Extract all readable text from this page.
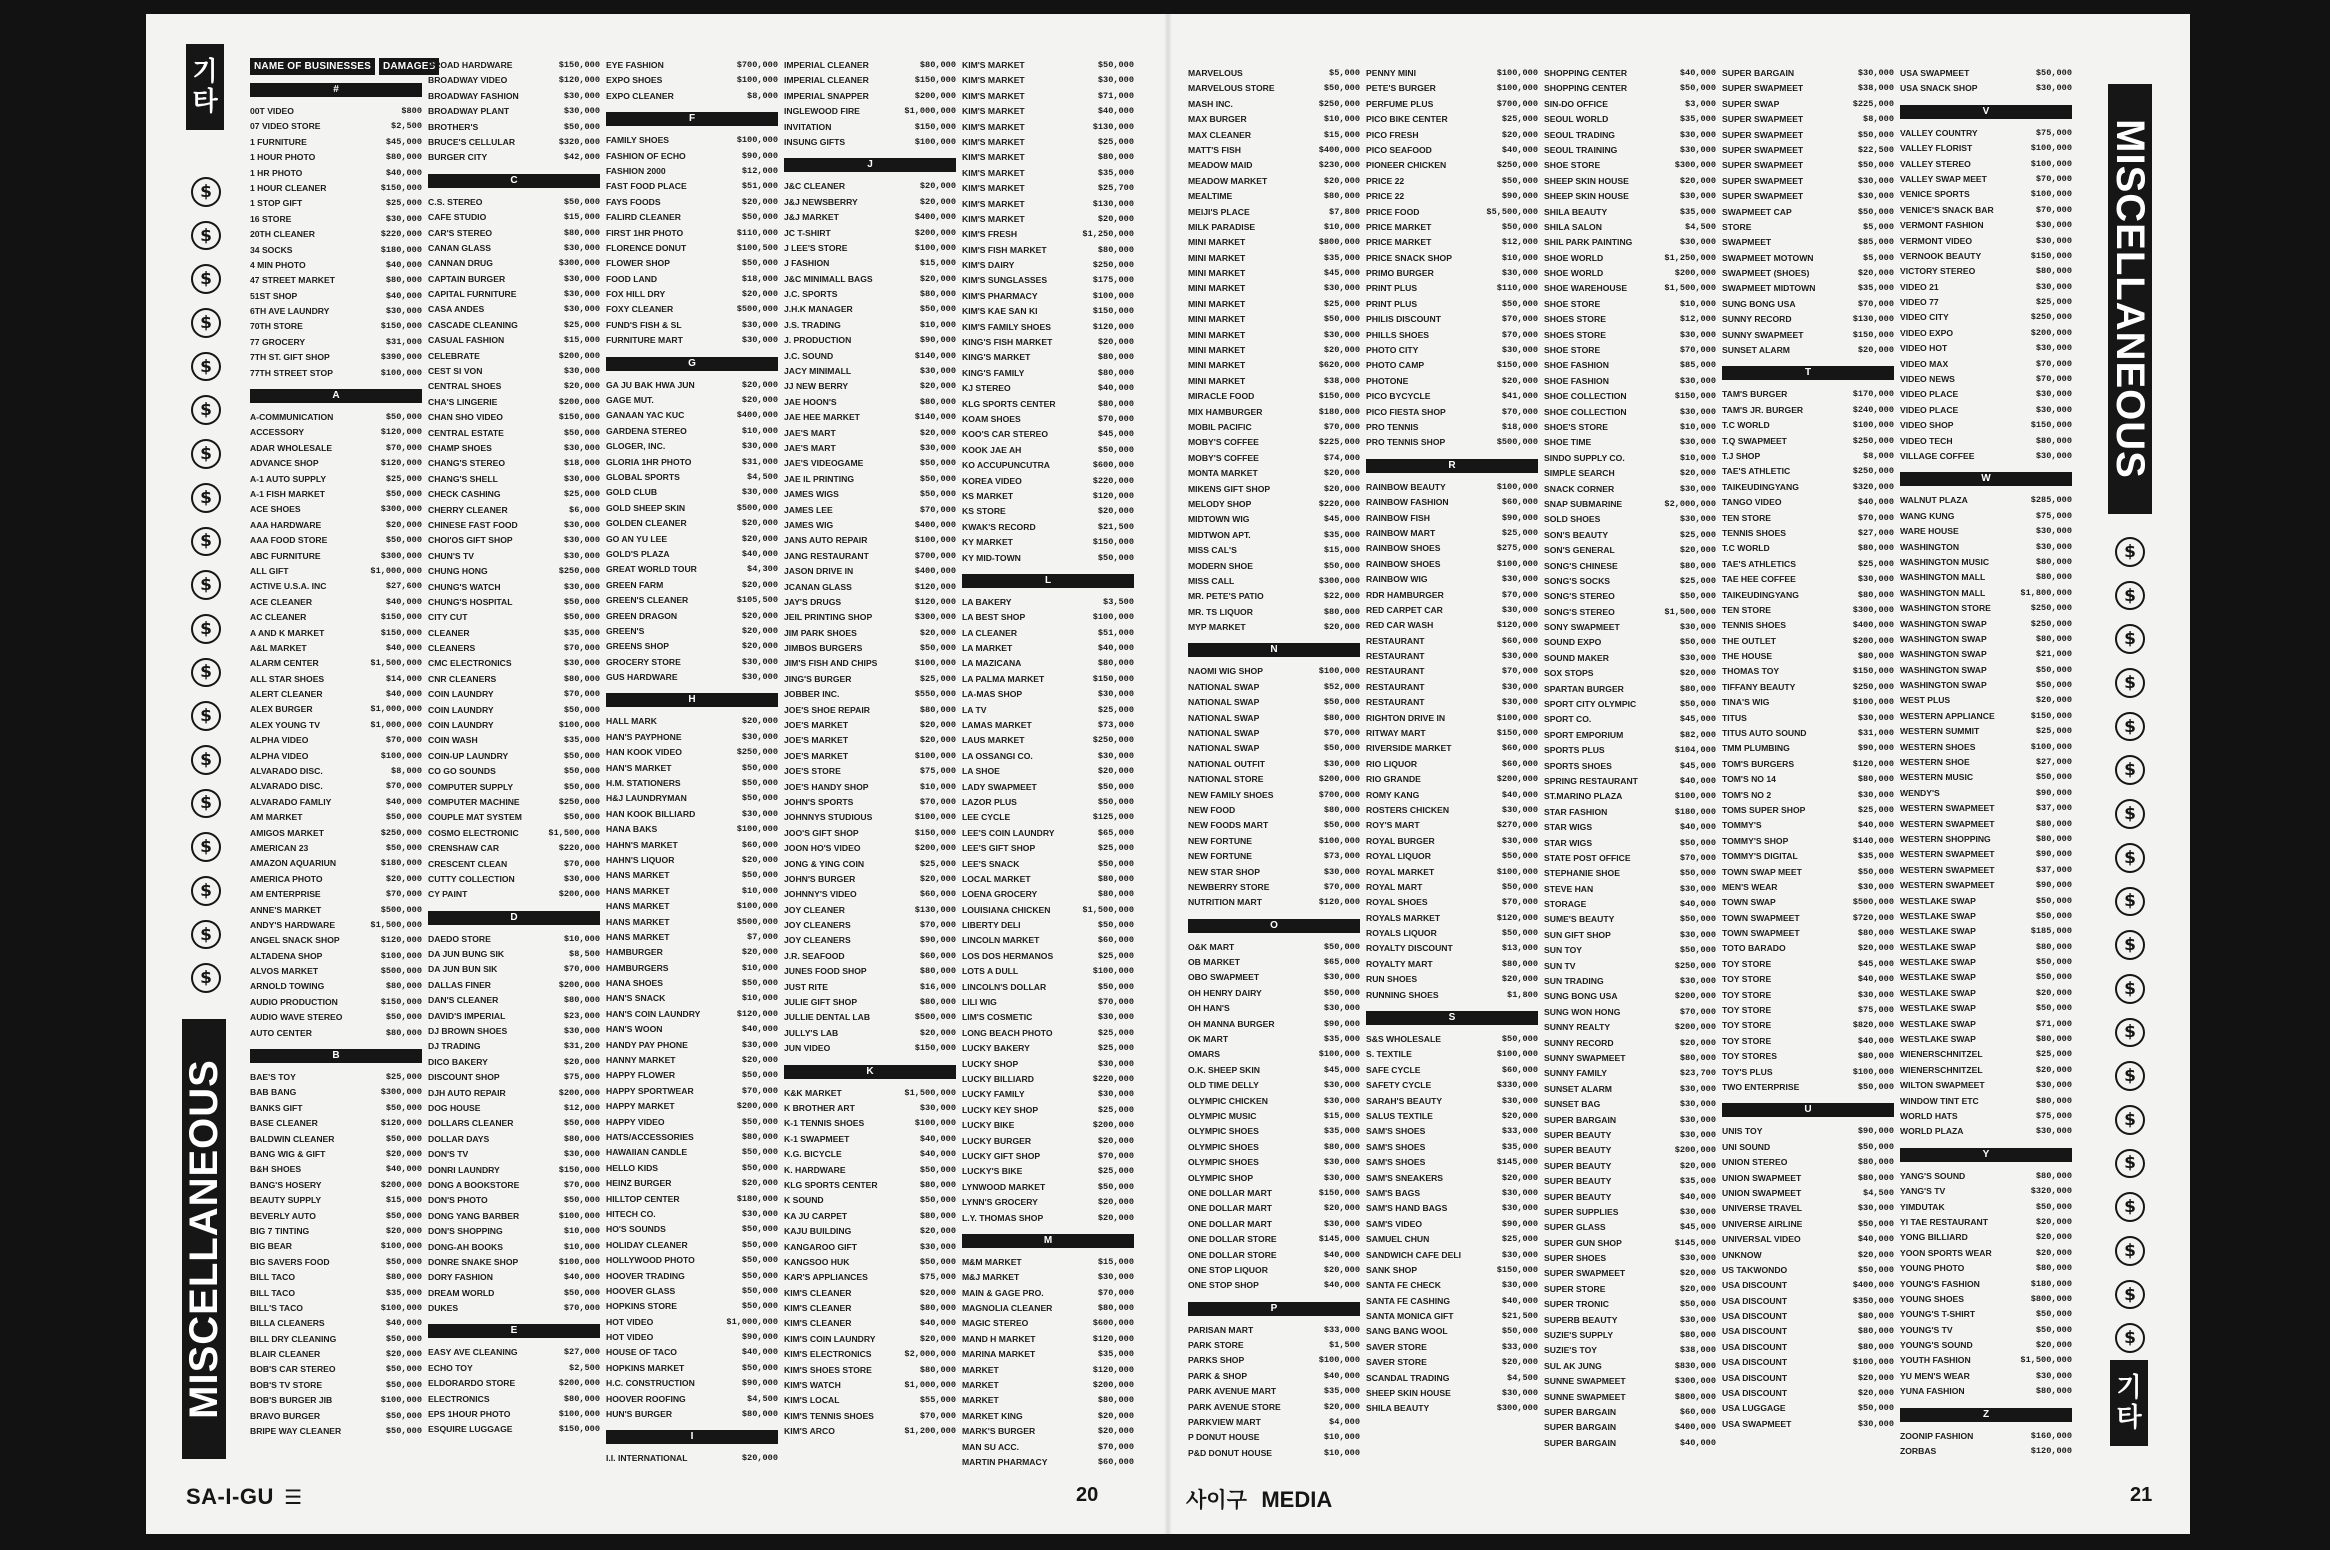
기타
$
$
$
$
$
$
$
$
$
$
$
$
$
$
$
$
$
$
$
MISCELLANEOUS
NAME OF BUSINESSES	DAMAGES
#
00T VIDEO	$800
07 VIDEO STORE	$2,500
1 FURNITURE	$45,000
1 HOUR PHOTO	$80,000
1 HR PHOTO	$40,000
1 HOUR CLEANER	$150,000
1 STOP GIFT	$25,000
16 STORE	$30,000
20TH CLEANER	$220,000
34 SOCKS	$180,000
4 MIN PHOTO	$40,000
47 STREET MARKET	$80,000
51ST SHOP	$40,000
6TH AVE LAUNDRY	$30,000
70TH STORE	$150,000
77 GROCERY	$31,000
7TH ST. GIFT SHOP	$390,000
77TH STREET STOP	$100,000
A
A-COMMUNICATION	$50,000
ACCESSORY	$120,000
ADAR WHOLESALE	$70,000
ADVANCE SHOP	$120,000
A-1 AUTO SUPPLY	$25,000
A-1 FISH MARKET	$50,000
ACE SHOES	$300,000
AAA HARDWARE	$20,000
AAA FOOD STORE	$50,000
ABC FURNITURE	$300,000
ALL GIFT	$1,000,000
ACTIVE U.S.A. INC	$27,600
ACE CLEANER	$40,000
AC CLEANER	$150,000
A AND K MARKET	$150,000
A&L MARKET	$40,000
ALARM CENTER	$1,500,000
ALL STAR SHOES	$14,000
ALERT CLEANER	$40,000
ALEX BURGER	$1,000,000
ALEX YOUNG TV	$1,000,000
ALPHA VIDEO	$70,000
ALPHA VIDEO	$100,000
ALVARADO DISC.	$8,000
ALVARADO DISC.	$70,000
ALVARADO FAMLIY	$40,000
AM MARKET	$50,000
AMIGOS MARKET	$250,000
AMERICAN 23	$50,000
AMAZON AQUARIUN	$180,000
AMERICA PHOTO	$20,000
AM ENTERPRISE	$70,000
ANNE'S MARKET	$500,000
ANDY'S HARDWARE	$1,500,000
ANGEL SNACK SHOP	$120,000
ALTADENA SHOP	$100,000
ALVOS MARKET	$500,000
ARNOLD TOWING	$80,000
AUDIO PRODUCTION	$150,000
AUDIO WAVE STEREO	$50,000
AUTO CENTER	$80,000
B
BAE'S TOY	$25,000
BAB BANG	$300,000
BANKS GIFT	$50,000
BASE CLEANER	$120,000
BALDWIN CLEANER	$50,000
BANG WIG & GIFT	$20,000
B&H SHOES	$40,000
BANG'S HOSERY	$200,000
BEAUTY SUPPLY	$15,000
BEVERLY AUTO	$50,000
BIG 7 TINTING	$20,000
BIG BEAR	$100,000
BIG SAVERS FOOD	$50,000
BILL TACO	$80,000
BILL TACO	$35,000
BILL'S TACO	$100,000
BILLA CLEANERS	$40,000
BILL DRY CLEANING	$50,000
BLAIR CLEANER	$20,000
BOB'S CAR STEREO	$50,000
BOB'S TV STORE	$50,000
BOB'S BURGER JIB	$100,000
BRAVO BURGER	$50,000
BRIPE WAY CLEANER	$50,000
BROAD HARDWARE	$150,000
BROADWAY VIDEO	$120,000
BROADWAY FASHION	$30,000
BROADWAY PLANT	$30,000
BROTHER'S	$50,000
BRUCE'S CELLULAR	$320,000
BURGER CITY	$42,000
C
C.S. STEREO	$50,000
CAFE STUDIO	$15,000
CAR'S STEREO	$80,000
CANAN GLASS	$30,000
CANNAN DRUG	$300,000
CAPTAIN BURGER	$30,000
CAPITAL FURNITURE	$30,000
CASA ANDES	$30,000
CASCADE CLEANING	$25,000
CASUAL FASHION	$15,000
CELEBRATE	$200,000
CEST SI VON	$30,000
CENTRAL SHOES	$20,000
CHA'S LINGERIE	$200,000
CHAN SHO VIDEO	$150,000
CENTRAL ESTATE	$50,000
CHAMP SHOES	$30,000
CHANG'S STEREO	$18,000
CHANG'S SHELL	$30,000
CHECK CASHING	$25,000
CHERRY CLEANER	$6,000
CHINESE FAST FOOD	$30,000
CHOI'OS GIFT SHOP	$30,000
CHUN'S TV	$30,000
CHUNG HONG	$250,000
CHUNG'S WATCH	$30,000
CHUNG'S HOSPITAL	$50,000
CITY CUT	$50,000
CLEANER	$35,000
CLEANERS	$70,000
CMC ELECTRONICS	$30,000
CNR CLEANERS	$80,000
COIN LAUNDRY	$70,000
COIN LAUNDRY	$50,000
COIN LAUNDRY	$100,000
COIN WASH	$35,000
COIN-UP LAUNDRY	$50,000
CO GO SOUNDS	$50,000
COMPUTER SUPPLY	$50,000
COMPUTER MACHINE	$250,000
COUPLE MAT SYSTEM	$50,000
COSMO ELECTRONIC	$1,500,000
CRENSHAW CAR	$220,000
CRESCENT CLEAN	$70,000
CUTTY COLLECTION	$30,000
CY PAINT	$200,000
D
DAEDO STORE	$10,000
DA JUN BUNG SIK	$8,500
DA JUN BUN SIK	$70,000
DALLAS FINER	$200,000
DAN'S CLEANER	$80,000
DAVID'S IMPERIAL	$23,000
DJ BROWN SHOES	$30,000
DJ TRADING	$31,200
DICO BAKERY	$20,000
DISCOUNT SHOP	$75,000
DJH AUTO REPAIR	$200,000
DOG HOUSE	$12,000
DOLLARS CLEANER	$50,000
DOLLAR DAYS	$80,000
DON'S TV	$30,000
DONRI LAUNDRY	$150,000
DONG A BOOKSTORE	$70,000
DON'S PHOTO	$50,000
DONG YANG BARBER	$100,000
DON'S SHOPPING	$10,000
DONG-AH BOOKS	$10,000
DONRE SNAKE SHOP	$100,000
DORY FASHION	$40,000
DREAM WORLD	$50,000
DUKES	$70,000
E
EASY AVE CLEANING	$27,000
ECHO TOY	$2,500
ELDORARDO STORE	$200,000
ELECTRONICS	$80,000
EPS 1HOUR PHOTO	$100,000
ESQUIRE LUGGAGE	$150,000
EYE FASHION	$700,000
EXPO SHOES	$100,000
EXPO CLEANER	$8,000
F
FAMILY SHOES	$100,000
FASHION OF ECHO	$90,000
FASHION 2000	$12,000
FAST FOOD PLACE	$51,000
FAYS FOODS	$20,000
FALIRD CLEANER	$50,000
FIRST 1HR PHOTO	$110,000
FLORENCE DONUT	$100,500
FLOWER SHOP	$50,000
FOOD LAND	$18,000
FOX HILL DRY	$20,000
FOXY CLEANER	$500,000
FUND'S FISH & SL	$30,000
FURNITURE MART	$30,000
G
GA JU BAK HWA JUN	$20,000
GAGE MUT.	$20,000
GANAAN YAC KUC	$400,000
GARDENA STEREO	$10,000
GLOGER, INC.	$30,000
GLORIA 1HR PHOTO	$31,000
GLOBAL SPORTS	$4,500
GOLD CLUB	$30,000
GOLD SHEEP SKIN	$500,000
GOLDEN CLEANER	$20,000
GO AN YU LEE	$20,000
GOLD'S PLAZA	$40,000
GREAT WORLD TOUR	$4,300
GREEN FARM	$20,000
GREEN'S CLEANER	$105,500
GREEN DRAGON	$20,000
GREEN'S	$20,000
GREENS SHOP	$20,000
GROCERY STORE	$30,000
GUS HARDWARE	$30,000
H
HALL MARK	$20,000
HAN'S PAYPHONE	$30,000
HAN KOOK VIDEO	$250,000
HAN'S MARKET	$50,000
H.M. STATIONERS	$50,000
H&J LAUNDRYMAN	$50,000
HAN KOOK BILLIARD	$30,000
HANA BAKS	$100,000
HAHN'S MARKET	$60,000
HAHN'S LIQUOR	$20,000
HANS MARKET	$50,000
HANS MARKET	$10,000
HANS MARKET	$100,000
HANS MARKET	$500,000
HANS MARKET	$7,000
HAMBURGER	$20,000
HAMBURGERS	$10,000
HANA SHOES	$50,000
HAN'S SNACK	$10,000
HAN'S COIN LAUNDRY	$120,000
HAN'S WOON	$40,000
HANDY PAY PHONE	$30,000
HANNY MARKET	$20,000
HAPPY FLOWER	$50,000
HAPPY SPORTWEAR	$70,000
HAPPY MARKET	$200,000
HAPPY VIDEO	$50,000
HATS/ACCESSORIES	$80,000
HAWAIIAN CANDLE	$50,000
HELLO KIDS	$50,000
HEINZ BURGER	$20,000
HILLTOP CENTER	$180,000
HITECH CO.	$30,000
HO'S SOUNDS	$50,000
HOLIDAY CLEANER	$50,000
HOLLYWOOD PHOTO	$50,000
HOOVER TRADING	$50,000
HOOVER GLASS	$50,000
HOPKINS STORE	$50,000
HOT VIDEO	$1,000,000
HOT VIDEO	$90,000
HOUSE OF TACO	$40,000
HOPKINS MARKET	$50,000
H.C. CONSTRUCTION	$90,000
HOOVER ROOFING	$4,500
HUN'S BURGER	$80,000
I
I.I. INTERNATIONAL	$20,000
IMPERIAL CLEANER	$80,000
IMPERIAL CLEANER	$150,000
IMPERIAL SNAPPER	$200,000
INGLEWOOD FIRE	$1,000,000
INVITATION	$150,000
INSUNG GIFTS	$100,000
J
J&C CLEANER	$20,000
J&J NEWSBERRY	$20,000
J&J MARKET	$400,000
JC T-SHIRT	$200,000
J LEE'S STORE	$100,000
J FASHION	$15,000
J&C MINIMALL BAGS	$20,000
J.C. SPORTS	$80,000
J.H.K MANAGER	$50,000
J.S. TRADING	$10,000
J. PRODUCTION	$90,000
J.C. SOUND	$140,000
JACY MINIMALL	$30,000
JJ NEW BERRY	$20,000
JAE HOON'S	$80,000
JAE HEE MARKET	$140,000
JAE'S MART	$20,000
JAE'S MART	$30,000
JAE'S VIDEOGAME	$50,000
JAE IL PRINTING	$50,000
JAMES WIGS	$50,000
JAMES LEE	$70,000
JAMES WIG	$400,000
JANS AUTO REPAIR	$100,000
JANG RESTAURANT	$700,000
JASON DRIVE IN	$400,000
JCANAN GLASS	$120,000
JAY'S DRUGS	$120,000
JEIL PRINTING SHOP	$300,000
JIM PARK SHOES	$20,000
JIMBOS BURGERS	$50,000
JIM'S FISH AND CHIPS	$100,000
JING'S BURGER	$25,000
JOBBER INC.	$550,000
JOE'S SHOE REPAIR	$80,000
JOE'S MARKET	$20,000
JOE'S MARKET	$20,000
JOE'S MARKET	$100,000
JOE'S STORE	$75,000
JOE'S HANDY SHOP	$10,000
JOHN'S SPORTS	$70,000
JOHNNYS STUDIOUS	$100,000
JOO'S GIFT SHOP	$150,000
JOON HO'S VIDEO	$200,000
JONG & YING COIN	$25,000
JOHN'S BURGER	$20,000
JOHNNY'S VIDEO	$60,000
JOY CLEANER	$130,000
JOY CLEANERS	$70,000
JOY CLEANERS	$90,000
J.R. SEAFOOD	$60,000
JUNES FOOD SHOP	$80,000
JUST RITE	$16,000
JULIE GIFT SHOP	$80,000
JULLIE DENTAL LAB	$500,000
JULLY'S LAB	$20,000
JUN VIDEO	$150,000
K
K&K MARKET	$1,500,000
K BROTHER ART	$30,000
K-1 TENNIS SHOES	$100,000
K-1 SWAPMEET	$40,000
K.G. BICYCLE	$40,000
K. HARDWARE	$50,000
KLG SPORTS CENTER	$80,000
K SOUND	$50,000
KA JU CARPET	$80,000
KAJU BUILDING	$20,000
KANGAROO GIFT	$30,000
KANGSOO HUK	$50,000
KAR'S APPLIANCES	$75,000
KIM'S CLEANER	$20,000
KIM'S CLEANER	$80,000
KIM'S CLEANER	$40,000
KIM'S COIN LAUNDRY	$20,000
KIM'S ELECTRONICS	$2,000,000
KIM'S SHOES STORE	$80,000
KIM'S WATCH	$1,000,000
KIM'S LOCAL	$55,000
KIM'S TENNIS SHOES	$70,000
KIM'S ARCO	$1,200,000
KIM'S MARKET	$50,000
KIM'S MARKET	$30,000
KIM'S MARKET	$71,000
KIM'S MARKET	$40,000
KIM'S MARKET	$130,000
KIM'S MARKET	$25,000
KIM'S MARKET	$80,000
KIM'S MARKET	$35,000
KIM'S MARKET	$25,700
KIM'S MARKET	$130,000
KIM'S MARKET	$20,000
KIM'S FRESH	$1,250,000
KIM'S FISH MARKET	$80,000
KIM'S DAIRY	$250,000
KIM'S SUNGLASSES	$175,000
KIM'S PHARMACY	$100,000
KIM'S KAE SAN KI	$150,000
KIM'S FAMILY SHOES	$120,000
KING'S FISH MARKET	$20,000
KING'S MARKET	$80,000
KING'S FAMILY	$80,000
KJ STEREO	$40,000
KLG SPORTS CENTER	$80,000
KOAM SHOES	$70,000
KOO'S CAR STEREO	$45,000
KOOK JAE AH	$50,000
KO ACCUPUNCUTRA	$600,000
KOREA VIDEO	$220,000
KS MARKET	$120,000
KS STORE	$20,000
KWAK'S RECORD	$21,500
KY MARKET	$150,000
KY MID-TOWN	$50,000
L
LA BAKERY	$3,500
LA BEST SHOP	$100,000
LA CLEANER	$51,000
LA MARKET	$40,000
LA MAZICANA	$80,000
LA PALMA MARKET	$150,000
LA-MAS SHOP	$30,000
LA TV	$25,000
LAMAS MARKET	$73,000
LAUS MARKET	$250,000
LA OSSANGI CO.	$30,000
LA SHOE	$20,000
LADY SWAPMEET	$50,000
LAZOR PLUS	$50,000
LEE CYCLE	$125,000
LEE'S COIN LAUNDRY	$65,000
LEE'S GIFT SHOP	$25,000
LEE'S SNACK	$50,000
LOCAL MARKET	$80,000
LOENA GROCERY	$80,000
LOUISIANA CHICKEN	$1,500,000
LIBERTY DELI	$50,000
LINCOLN MARKET	$60,000
LOS DOS HERMANOS	$25,000
LOTS A DULL	$100,000
LINCOLN'S DOLLAR	$50,000
LILI WIG	$70,000
LIM'S COSMETIC	$30,000
LONG BEACH PHOTO	$25,000
LUCKY BAKERY	$25,000
LUCKY SHOP	$30,000
LUCKY BILLIARD	$220,000
LUCKY FAMILY	$30,000
LUCKY KEY SHOP	$25,000
LUCKY BIKE	$200,000
LUCKY BURGER	$20,000
LUCKY GIFT SHOP	$70,000
LUCKY'S BIKE	$25,000
LYNWOOD MARKET	$50,000
LYNN'S GROCERY	$20,000
L.Y. THOMAS SHOP	$20,000
M
M&M MARKET	$15,000
M&J MARKET	$30,000
MAIN & GAGE PRO.	$70,000
MAGNOLIA CLEANER	$80,000
MAGIC STEREO	$600,000
MAND H MARKET	$120,000
MARINA MARKET	$35,000
MARKET	$120,000
MARKET	$200,000
MARKET	$80,000
MARKET KING	$20,000
MARK'S BURGER	$20,000
MAN SU ACC.	$70,000
MARTIN PHARMACY	$60,000
SA-I-GU ☰	20
MARVELOUS	$5,000
MARVELOUS STORE	$50,000
MASH INC.	$250,000
MAX BURGER	$10,000
MAX CLEANER	$15,000
MATT'S FISH	$400,000
MEADOW MAID	$230,000
MEADOW MARKET	$20,000
MEALTIME	$80,000
MEIJI'S PLACE	$7,800
MILK PARADISE	$10,000
MINI MARKET	$800,000
MINI MARKET	$35,000
MINI MARKET	$45,000
MINI MARKET	$30,000
MINI MARKET	$25,000
MINI MARKET	$50,000
MINI MARKET	$30,000
MINI MARKET	$20,000
MINI MARKET	$620,000
MINI MARKET	$38,000
MIRACLE FOOD	$150,000
MIX HAMBURGER	$180,000
MOBIL PACIFIC	$70,000
MOBY'S COFFEE	$225,000
MOBY'S COFFEE	$74,000
MONTA MARKET	$20,000
MIKENS GIFT SHOP	$20,000
MELODY SHOP	$220,000
MIDTOWN WIG	$45,000
MIDTWON APT.	$35,000
MISS CAL'S	$15,000
MODERN SHOE	$50,000
MISS CALL	$300,000
MR. PETE'S PATIO	$22,000
MR. TS LIQUOR	$80,000
MYP MARKET	$20,000
N
NAOMI WIG SHOP	$100,000
NATIONAL SWAP	$52,000
NATIONAL SWAP	$50,000
NATIONAL SWAP	$80,000
NATIONAL SWAP	$70,000
NATIONAL SWAP	$50,000
NATIONAL OUTFIT	$30,000
NATIONAL STORE	$200,000
NEW FAMILY SHOES	$700,000
NEW FOOD	$80,000
NEW FOODS MART	$50,000
NEW FORTUNE	$100,000
NEW FORTUNE	$73,000
NEW STAR SHOP	$30,000
NEWBERRY STORE	$70,000
NUTRITION MART	$120,000
O
O&K MART	$50,000
OB MARKET	$65,000
OBO SWAPMEET	$30,000
OH HENRY DAIRY	$50,000
OH HAN'S	$30,000
OH MANNA BURGER	$90,000
OK MART	$35,000
OMARS	$100,000
O.K. SHEEP SKIN	$45,000
OLD TIME DELLY	$30,000
OLYMPIC CHICKEN	$30,000
OLYMPIC MUSIC	$15,000
OLYMPIC SHOES	$35,000
OLYMPIC SHOES	$80,000
OLYMPIC SHOES	$30,000
OLYMPIC SHOP	$30,000
ONE DOLLAR MART	$150,000
ONE DOLLAR MART	$20,000
ONE DOLLAR MART	$30,000
ONE DOLLAR STORE	$145,000
ONE DOLLAR STORE	$40,000
ONE STOP LIQUOR	$20,000
ONE STOP SHOP	$40,000
P
PARISAN MART	$33,000
PARK STORE	$1,500
PARKS SHOP	$100,000
PARK & SHOP	$40,000
PARK AVENUE MART	$35,000
PARK AVENUE STORE	$20,000
PARKVIEW MART	$4,000
P DONUT HOUSE	$10,000
P&D DONUT HOUSE	$10,000
PENNY MINI	$100,000
PETE'S BURGER	$100,000
PERFUME PLUS	$700,000
PICO BIKE CENTER	$25,000
PICO FRESH	$20,000
PICO SEAFOOD	$40,000
PIONEER CHICKEN	$250,000
PRICE 22	$50,000
PRICE 22	$90,000
PRICE FOOD	$5,500,000
PRICE MARKET	$50,000
PRICE MARKET	$12,000
PRICE SNACK SHOP	$10,000
PRIMO BURGER	$30,000
PRINT PLUS	$110,000
PRINT PLUS	$50,000
PHILIS DISCOUNT	$70,000
PHILLS SHOES	$70,000
PHOTO CITY	$30,000
PHOTO CAMP	$150,000
PHOTONE	$20,000
PICO BYCYCLE	$41,000
PICO FIESTA SHOP	$70,000
PRO TENNIS	$18,000
PRO TENNIS SHOP	$500,000
R
RAINBOW BEAUTY	$100,000
RAINBOW FASHION	$60,000
RAINBOW FISH	$90,000
RAINBOW MART	$25,000
RAINBOW SHOES	$275,000
RAINBOW SHOES	$100,000
RAINBOW WIG	$30,000
RDR HAMBURGER	$70,000
RED CARPET CAR	$30,000
RED CAR WASH	$120,000
RESTAURANT	$60,000
RESTAURANT	$30,000
RESTAURANT	$70,000
RESTAURANT	$30,000
RESTAURANT	$30,000
RIGHTON DRIVE IN	$100,000
RITWAY MART	$150,000
RIVERSIDE MARKET	$60,000
RIO LIQUOR	$60,000
RIO GRANDE	$200,000
ROMY KANG	$40,000
ROSTERS CHICKEN	$30,000
ROY'S MART	$270,000
ROYAL BURGER	$30,000
ROYAL LIQUOR	$50,000
ROYAL MARKET	$100,000
ROYAL MART	$50,000
ROYAL SHOES	$70,000
ROYALS MARKET	$120,000
ROYALS LIQUOR	$50,000
ROYALTY DISCOUNT	$13,000
ROYALTY MART	$80,000
RUN SHOES	$20,000
RUNNING SHOES	$1,800
S
S&S WHOLESALE	$50,000
S. TEXTILE	$100,000
SAFE CYCLE	$60,000
SAFETY CYCLE	$330,000
SARAH'S BEAUTY	$30,000
SALUS TEXTILE	$20,000
SAM'S SHOES	$33,000
SAM'S SHOES	$35,000
SAM'S SHOES	$145,000
SAM'S SNEAKERS	$20,000
SAM'S BAGS	$30,000
SAM'S HAND BAGS	$30,000
SAM'S VIDEO	$90,000
SAMUEL CHUN	$25,000
SANDWICH CAFE DELI	$30,000
SANK SHOP	$150,000
SANTA FE CHECK	$30,000
SANTA FE CASHING	$40,000
SANTA MONICA GIFT	$21,500
SANG BANG WOOL	$50,000
SAVER STORE	$33,000
SAVER STORE	$20,000
SCANDAL TRADING	$4,500
SHEEP SKIN HOUSE	$30,000
SHILA BEAUTY	$300,000
SHOPPING CENTER	$40,000
SHOPPING CENTER	$50,000
SIN-DO OFFICE	$3,000
SEOUL WORLD	$35,000
SEOUL TRADING	$30,000
SEOUL TRAINING	$30,000
SHOE STORE	$300,000
SHEEP SKIN HOUSE	$20,000
SHEEP SKIN HOUSE	$30,000
SHILA BEAUTY	$35,000
SHILA SALON	$4,500
SHIL PARK PAINTING	$30,000
SHOE WORLD	$1,250,000
SHOE WORLD	$200,000
SHOE WAREHOUSE	$1,500,000
SHOE STORE	$10,000
SHOES STORE	$12,000
SHOES STORE	$30,000
SHOE STORE	$70,000
SHOE FASHION	$85,000
SHOE FASHION	$30,000
SHOE COLLECTION	$150,000
SHOE COLLECTION	$30,000
SHOE'S STORE	$10,000
SHOE TIME	$30,000
SINDO SUPPLY CO.	$10,000
SIMPLE SEARCH	$20,000
SNACK CORNER	$30,000
SNAP SUBMARINE	$2,000,000
SOLD SHOES	$30,000
SON'S BEAUTY	$25,000
SON'S GENERAL	$20,000
SONG'S CHINESE	$80,000
SONG'S SOCKS	$25,000
SONG'S STEREO	$50,000
SONG'S STEREO	$1,500,000
SONY SWAPMEET	$30,000
SOUND EXPO	$50,000
SOUND MAKER	$30,000
SOX STOPS	$20,000
SPARTAN BURGER	$80,000
SPORT CITY OLYMPIC	$50,000
SPORT CO.	$45,000
SPORT EMPORIUM	$82,000
SPORTS PLUS	$104,000
SPORTS SHOES	$45,000
SPRING RESTAURANT	$40,000
ST.MARINO PLAZA	$100,000
STAR FASHION	$180,000
STAR WIGS	$40,000
STAR WIGS	$50,000
STATE POST OFFICE	$70,000
STEPHANIE SHOE	$50,000
STEVE HAN	$30,000
STORAGE	$40,000
SUME'S BEAUTY	$50,000
SUN GIFT SHOP	$30,000
SUN TOY	$50,000
SUN TV	$250,000
SUN TRADING	$30,000
SUNG BONG USA	$200,000
SUNG WON HONG	$70,000
SUNNY REALTY	$200,000
SUNNY RECORD	$20,000
SUNNY SWAPMEET	$80,000
SUNNY FAMILY	$23,700
SUNSET ALARM	$30,000
SUNSET BAG	$30,000
SUPER BARGAIN	$30,000
SUPER BEAUTY	$30,000
SUPER BEAUTY	$200,000
SUPER BEAUTY	$20,000
SUPER BEAUTY	$35,000
SUPER BEAUTY	$40,000
SUPER SUPPLIES	$30,000
SUPER GLASS	$45,000
SUPER GUN SHOP	$145,000
SUPER SHOES	$30,000
SUPER SWAPMEET	$20,000
SUPER STORE	$20,000
SUPER TRONIC	$50,000
SUPERB BEAUTY	$30,000
SUZIE'S SUPPLY	$80,000
SUZIE'S TOY	$38,000
SUL AK JUNG	$830,000
SUNNE SWAPMEET	$300,000
SUNNE SWAPMEET	$800,000
SUPER BARGAIN	$60,000
SUPER BARGAIN	$400,000
SUPER BARGAIN	$40,000
SUPER BARGAIN	$30,000
SUPER SWAPMEET	$38,000
SUPER SWAP	$225,000
SUPER SWAPMEET	$8,000
SUPER SWAPMEET	$50,000
SUPER SWAPMEET	$22,500
SUPER SWAPMEET	$50,000
SUPER SWAPMEET	$30,000
SUPER SWAPMEET	$30,000
SWAPMEET CAP	$50,000
STORE	$5,000
SWAPMEET	$85,000
SWAPMEET MOTOWN	$5,000
SWAPMEET (SHOES)	$20,000
SWAPMEET MIDTOWN	$35,000
SUNG BONG USA	$70,000
SUNNY RECORD	$130,000
SUNNY SWAPMEET	$150,000
SUNSET ALARM	$20,000
T
TAM'S BURGER	$170,000
TAM'S JR. BURGER	$240,000
T.C WORLD	$100,000
T.Q SWAPMEET	$250,000
T.J SHOP	$8,000
TAE'S ATHLETIC	$250,000
TAIKEUDINGYANG	$320,000
TANGO VIDEO	$40,000
TEN STORE	$70,000
TENNIS SHOES	$27,000
T.C WORLD	$80,000
TAE'S ATHLETICS	$25,000
TAE HEE COFFEE	$30,000
TAIKEUDINGYANG	$80,000
TEN STORE	$300,000
TENNIS SHOES	$400,000
THE OUTLET	$200,000
THE HOUSE	$80,000
THOMAS TOY	$150,000
TIFFANY BEAUTY	$250,000
TINA'S WIG	$100,000
TITUS	$30,000
TITUS AUTO SOUND	$31,000
TMM PLUMBING	$90,000
TOM'S BURGERS	$120,000
TOM'S NO 14	$80,000
TOM'S NO 2	$30,000
TOMS SUPER SHOP	$25,000
TOMMY'S	$40,000
TOMMY'S SHOP	$140,000
TOMMY'S DIGITAL	$35,000
TOWN SWAP MEET	$50,000
MEN'S WEAR	$30,000
TOWN SWAP	$500,000
TOWN SWAPMEET	$720,000
TOWN SWAPMEET	$80,000
TOTO BARADO	$20,000
TOY STORE	$45,000
TOY STORE	$40,000
TOY STORE	$30,000
TOY STORE	$75,000
TOY STORE	$820,000
TOY STORE	$40,000
TOY STORES	$80,000
TOY'S PLUS	$100,000
TWO ENTERPRISE	$50,000
U
UNIS TOY	$90,000
UNI SOUND	$50,000
UNION STEREO	$80,000
UNION SWAPMEET	$80,000
UNION SWAPMEET	$4,500
UNIVERSE TRAVEL	$30,000
UNIVERSE AIRLINE	$50,000
UNIVERSAL VIDEO	$40,000
UNKNOW	$20,000
US TAKWONDO	$50,000
USA DISCOUNT	$400,000
USA DISCOUNT	$350,000
USA DISCOUNT	$80,000
USA DISCOUNT	$80,000
USA DISCOUNT	$80,000
USA DISCOUNT	$100,000
USA DISCOUNT	$20,000
USA DISCOUNT	$20,000
USA LUGGAGE	$50,000
USA SWAPMEET	$30,000
USA SWAPMEET	$50,000
USA SNACK SHOP	$30,000
V
VALLEY COUNTRY	$75,000
VALLEY FLORIST	$100,000
VALLEY STEREO	$100,000
VALLEY SWAP MEET	$70,000
VENICE SPORTS	$100,000
VENICE'S SNACK BAR	$70,000
VERMONT FASHION	$30,000
VERMONT VIDEO	$30,000
VERNOOK BEAUTY	$150,000
VICTORY STEREO	$80,000
VIDEO 21	$30,000
VIDEO 77	$25,000
VIDEO CITY	$250,000
VIDEO EXPO	$200,000
VIDEO HOT	$30,000
VIDEO MAX	$70,000
VIDEO NEWS	$70,000
VIDEO PLACE	$30,000
VIDEO PLACE	$30,000
VIDEO SHOP	$150,000
VIDEO TECH	$80,000
VILLAGE COFFEE	$30,000
W
WALNUT PLAZA	$285,000
WANG KUNG	$75,000
WARE HOUSE	$30,000
WASHINGTON	$30,000
WASHINGTON MUSIC	$80,000
WASHINGTON MALL	$80,000
WASHINGTON MALL	$1,800,000
WASHINGTON STORE	$250,000
WASHINGTON SWAP	$250,000
WASHINGTON SWAP	$80,000
WASHINGTON SWAP	$21,000
WASHINGTON SWAP	$50,000
WASHINGTON SWAP	$50,000
WEST PLUS	$20,000
WESTERN APPLIANCE	$150,000
WESTERN SUMMIT	$25,000
WESTERN SHOES	$100,000
WESTERN SHOE	$27,000
WESTERN MUSIC	$50,000
WENDY'S	$90,000
WESTERN SWAPMEET	$37,000
WESTERN SWAPMEET	$80,000
WESTERN SHOPPING	$80,000
WESTERN SWAPMEET	$90,000
WESTERN SWAPMEET	$37,000
WESTERN SWAPMEET	$90,000
WESTLAKE SWAP	$50,000
WESTLAKE SWAP	$50,000
WESTLAKE SWAP	$185,000
WESTLAKE SWAP	$80,000
WESTLAKE SWAP	$50,000
WESTLAKE SWAP	$50,000
WESTLAKE SWAP	$20,000
WESTLAKE SWAP	$50,000
WESTLAKE SWAP	$71,000
WESTLAKE SWAP	$80,000
WIENERSCHNITZEL	$25,000
WIENERSCHNITZEL	$20,000
WILTON SWAPMEET	$30,000
WINDOW TINT ETC	$80,000
WORLD HATS	$75,000
WORLD PLAZA	$30,000
Y
YANG'S SOUND	$80,000
YANG'S TV	$320,000
YIMDUTAK	$50,000
YI TAE RESTAURANT	$20,000
YONG BILLIARD	$20,000
YOON SPORTS WEAR	$20,000
YOUNG PHOTO	$80,000
YOUNG'S FASHION	$180,000
YOUNG SHOES	$800,000
YOUNG'S T-SHIRT	$50,000
YOUNG'S TV	$50,000
YOUNG'S SOUND	$20,000
YOUTH FASHION	$1,500,000
YU MEN'S WEAR	$30,000
YUNA FASHION	$80,000
Z
ZOONIP FASHION	$160,000
ZORBAS	$120,000
MISCELLANEOUS
$
$
$
$
$
$
$
$
$
$
$
$
$
$
$
$
$
$
$
기타
사이구 MEDIA	21
